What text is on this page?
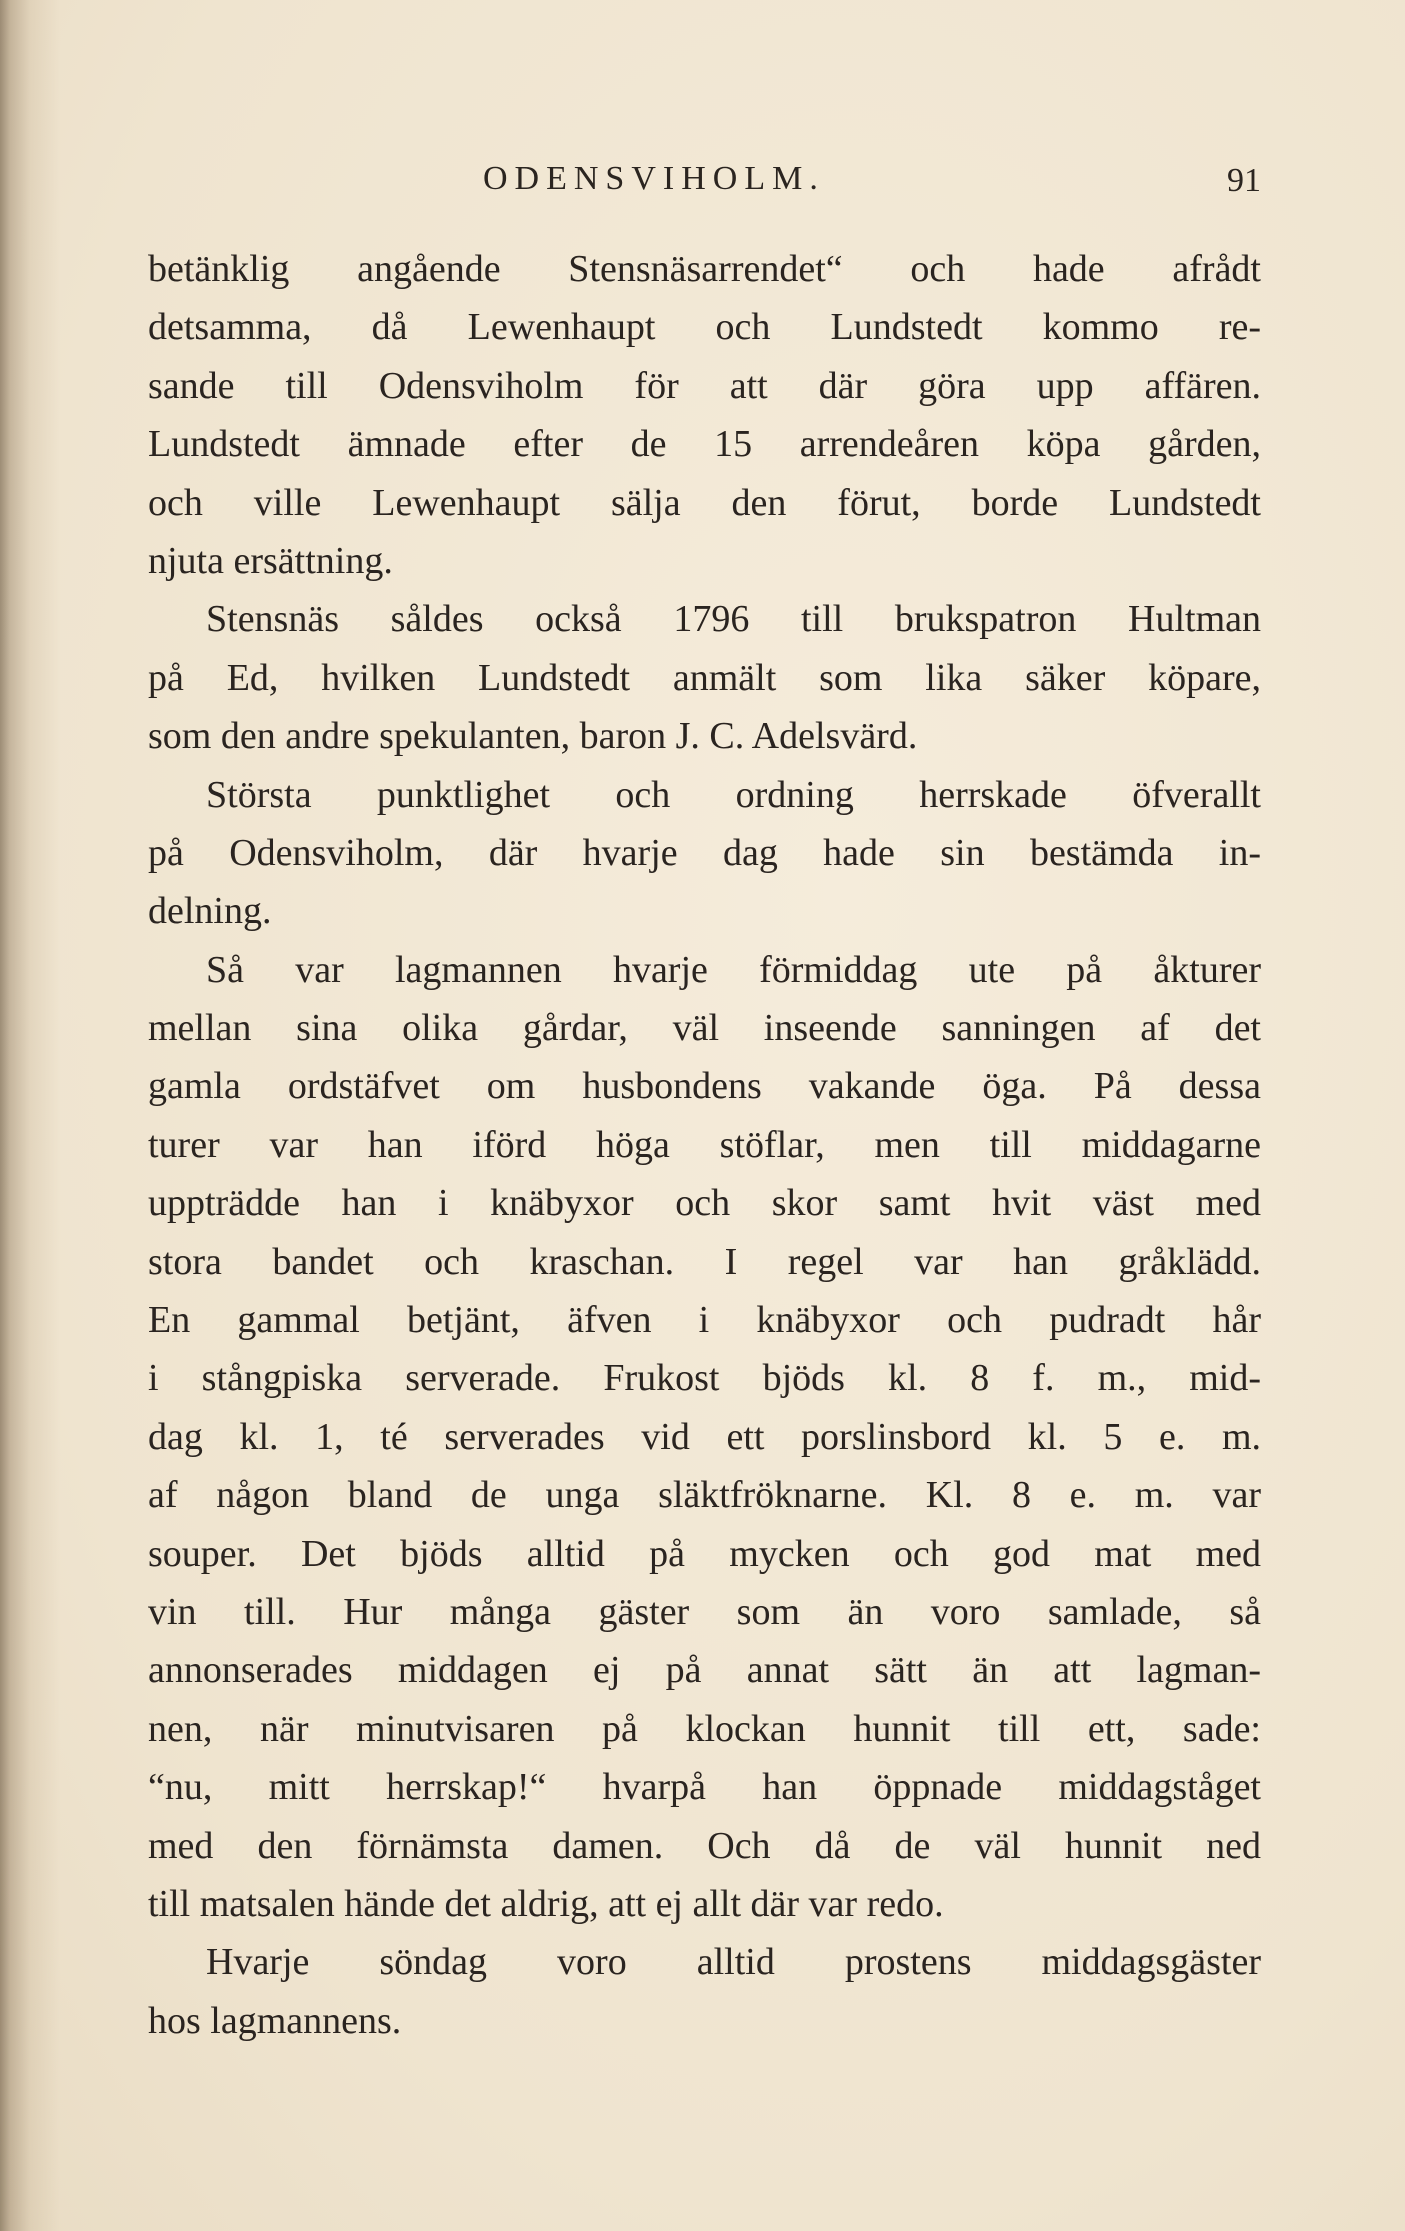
ODENSVIHOLM.	91
betänklig angående Stensnäsarrendet“ och hade afrådt
detsamma, då Lewenhaupt och Lundstedt kommo re-
sande till Odensviholm för att där göra upp affären.
Lundstedt ämnade efter de 15 arrendeåren köpa gården,
och ville Lewenhaupt sälja den förut, borde Lundstedt
njuta ersättning.
Stensnäs såldes också 1796 till brukspatron Hultman
på Ed, hvilken Lundstedt anmält som lika säker köpare,
som den andre spekulanten, baron J. C. Adelsvärd.
Största punktlighet och ordning herrskade öfverallt
på Odensviholm, där hvarje dag hade sin bestämda in-
delning.
Så var lagmannen hvarje förmiddag ute på åkturer
mellan sina olika gårdar, väl inseende sanningen af det
gamla ordstäfvet om husbondens vakande öga. På dessa
turer var han iförd höga stöflar, men till middagarne
uppträdde han i knäbyxor och skor samt hvit väst med
stora bandet och kraschan. I regel var han gråklädd.
En gammal betjänt, äfven i knäbyxor och pudradt hår
i stångpiska serverade. Frukost bjöds kl. 8 f. m., mid-
dag kl. 1, té serverades vid ett porslinsbord kl. 5 e. m.
af någon bland de unga släktfröknarne. Kl. 8 e. m. var
souper. Det bjöds alltid på mycken och god mat med
vin till. Hur många gäster som än voro samlade, så
annonserades middagen ej på annat sätt än att lagman-
nen, när minutvisaren på klockan hunnit till ett, sade:
“nu, mitt herrskap!“ hvarpå han öppnade middagståget
med den förnämsta damen. Och då de väl hunnit ned
till matsalen hände det aldrig, att ej allt där var redo.
Hvarje söndag voro alltid prostens middagsgäster
hos lagmannens.
